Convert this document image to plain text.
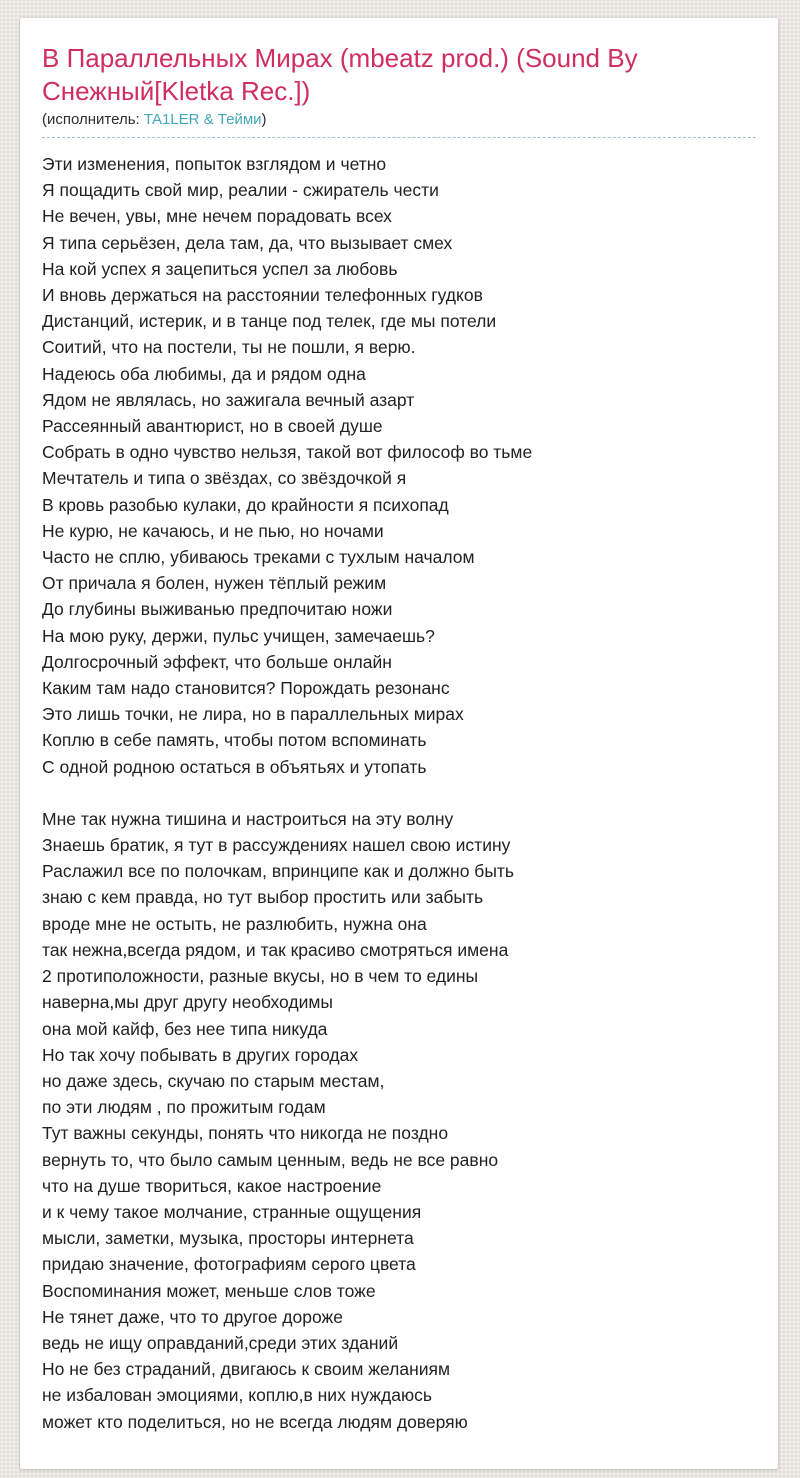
В Параллельных Мирах (mbeatz prod.) (Sound By Снежный[Kletka Rec.])
(исполнитель: TA1LER & Тейми)
Эти изменения, попыток взглядом и четно
Я пощадить свой мир, реалии - сжиратель чести
Не вечен, увы, мне нечем порадовать всех
Я типа серьёзен, дела там, да, что вызывает смех
На кой успех я зацепиться успел за любовь
И вновь держаться на расстоянии телефонных гудков
Дистанций, истерик, и в танце под телек, где мы потели
Соитий, что на постели, ты не пошли, я верю.
Надеюсь оба любимы, да и рядом одна
Ядом не являлась, но зажигала вечный азарт
Рассеянный авантюрист, но в своей душе
Собрать в одно чувство нельзя, такой вот философ во тьме
Мечтатель и типа о звёздах, со звёздочкой я
В кровь разобью кулаки, до крайности я психопад
Не курю, не качаюсь, и не пью, но ночами
Часто не сплю, убиваюсь треками с тухлым началом
От причала я болен, нужен тёплый режим
До глубины выживанью предпочитаю ножи
На мою руку, держи, пульс учищен, замечаешь?
Долгосрочный эффект, что больше онлайн
Каким там надо становится? Порождать резонанс
Это лишь точки, не лира, но в параллельных мирах
Коплю в себе память, чтобы потом вспоминать
С одной родною остаться в объятьях и утопать
Мне так нужна тишина и настроиться на эту волну
Знаешь братик, я тут в рассуждениях нашел свою истину
Раслажил все по полочкам, впринципе как и должно быть
знаю с кем правда, но тут выбор простить или забыть
вроде мне не остыть, не разлюбить, нужна она
так нежна,всегда рядом, и так красиво смотряться имена
2 протиположности, разные вкусы, но в чем то едины
наверна,мы друг другу необходимы
она мой кайф, без нее типа никуда
Но так хочу побывать в других городах
но даже здесь, скучаю по старым местам,
по эти людям , по прожитым годам
Тут важны секунды, понять что никогда не поздно
вернуть то, что было самым ценным, ведь не все равно
что на душе твориться, какое настроение
и к чему такое молчание, странные ощущения
мысли, заметки, музыка, просторы интернета
придаю значение, фотографиям серого цвета
Воспоминания может, меньше слов тоже
Не тянет даже, что то другое дороже
ведь не ищу оправданий,среди этих зданий
Но не без страданий, двигаюсь к своим желаниям
не избалован эмоциями, коплю,в них нуждаюсь
может кто поделиться, но не всегда людям доверяю
